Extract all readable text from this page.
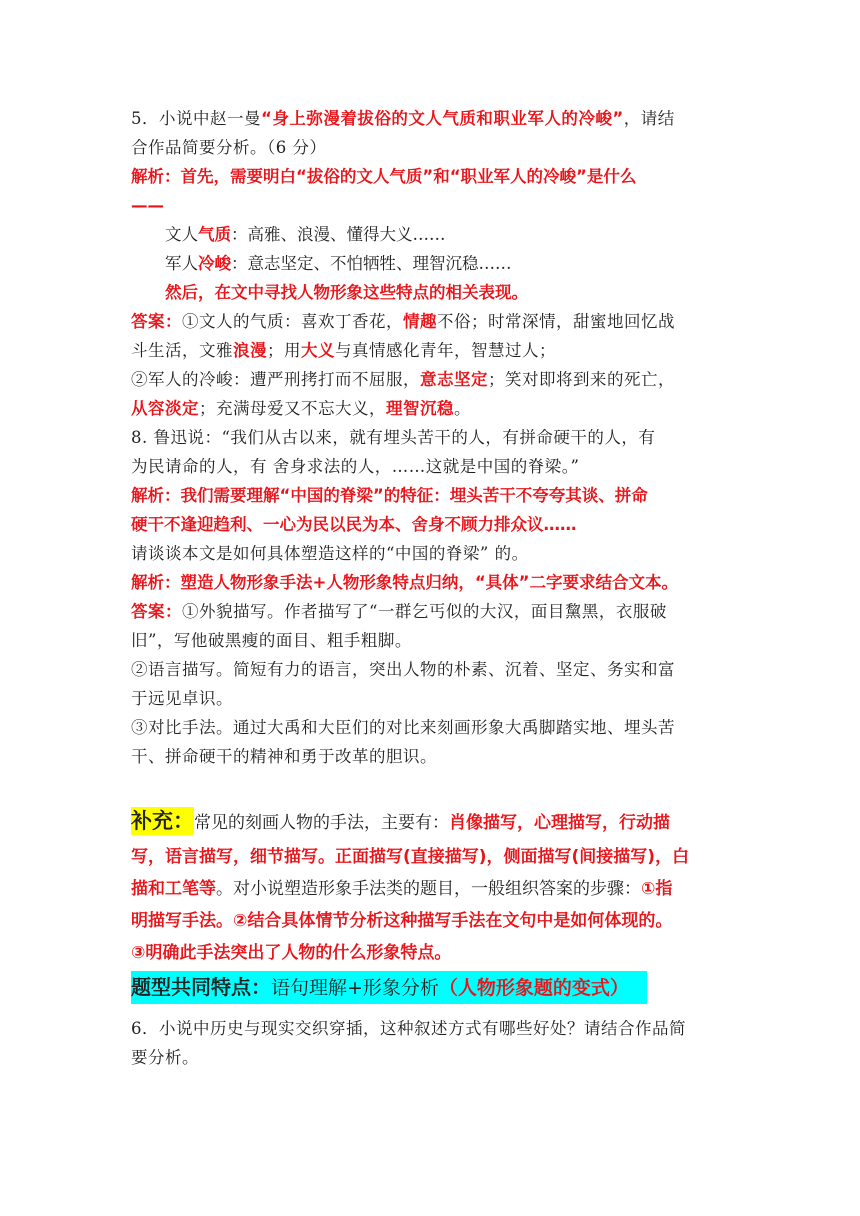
5．小说中赵一曼“身上弥漫着拔俗的文人气质和职业军人的冷峻”，请结
合作品简要分析。（6 分）
解析：首先，需要明白“拔俗的文人气质”和“职业军人的冷峻”是什么
——
文人气质：高雅、浪漫、懂得大义……
军人冷峻：意志坚定、不怕牺牲、理智沉稳……
然后，在文中寻找人物形象这些特点的相关表现。
答案：①文人的气质：喜欢丁香花，情趣不俗；时常深情，甜蜜地回忆战
斗生活，文雅浪漫；用大义与真情感化青年，智慧过人；
②军人的冷峻：遭严刑拷打而不屈服，意志坚定；笑对即将到来的死亡，
从容淡定；充满母爱又不忘大义，理智沉稳。
8. 鲁迅说：“我们从古以来，就有埋头苦干的人，有拼命硬干的人，有
为民请命的人，有 舍身求法的人，……这就是中国的脊梁。”
解析：我们需要理解“中国的脊梁”的特征：埋头苦干不夸夸其谈、拼命
硬干不逢迎趋利、一心为民以民为本、舍身不顾力排众议……
请谈谈本文是如何具体塑造这样的“中国的脊梁” 的。
解析：塑造人物形象手法+人物形象特点归纳，“具体”二字要求结合文本。
答案：①外貌描写。作者描写了“一群乞丐似的大汉，面目黧黑，衣服破
旧”，写他破黑瘦的面目、粗手粗脚。
②语言描写。简短有力的语言，突出人物的朴素、沉着、坚定、务实和富
于远见卓识。
③对比手法。通过大禹和大臣们的对比来刻画形象大禹脚踏实地、埋头苦
干、拼命硬干的精神和勇于改革的胆识。
补充：常见的刻画人物的手法，主要有：肖像描写，心理描写，行动描
写，语言描写，细节描写。正面描写(直接描写)，侧面描写(间接描写)，白
描和工笔等。对小说塑造形象手法类的题目，一般组织答案的步骤：①指
明描写手法。②结合具体情节分析这种描写手法在文句中是如何体现的。
③明确此手法突出了人物的什么形象特点。
题型共同特点：语句理解+形象分析（人物形象题的变式）
6．小说中历史与现实交织穿插，这种叙述方式有哪些好处？请结合作品简
要分析。
